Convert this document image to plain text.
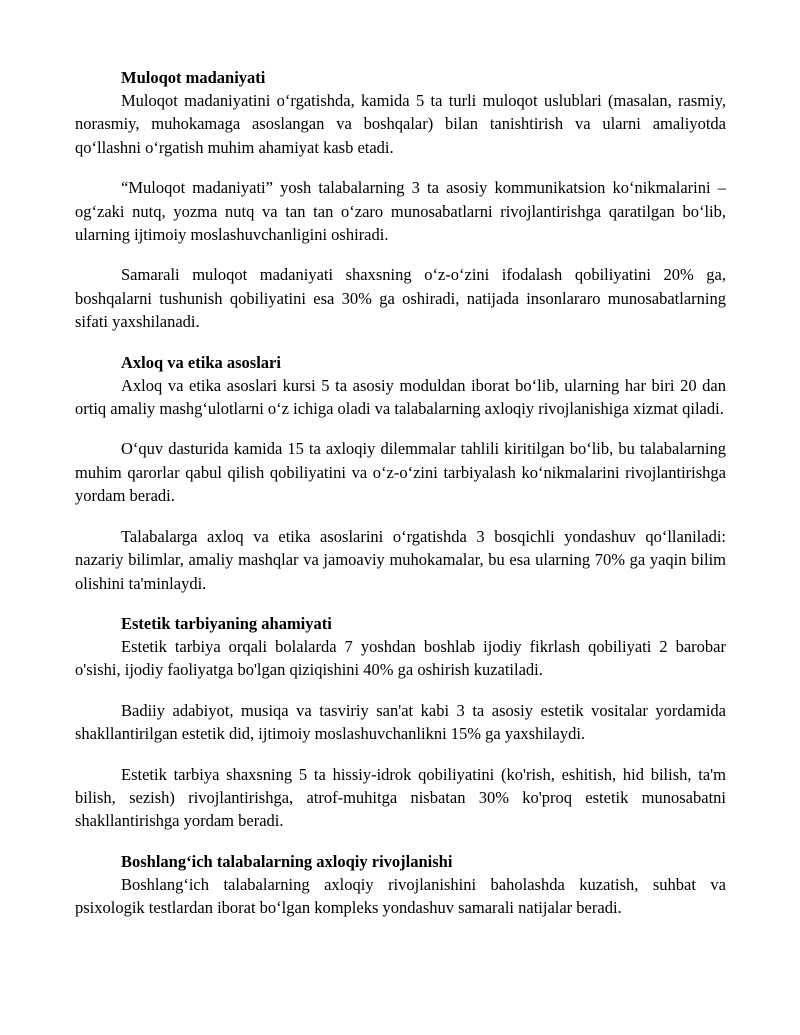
Muloqot madaniyati

Muloqot madaniyatini o‘rgatishda, kamida 5 ta turli muloqot uslublari (masalan, rasmiy, norasmiy, muhokamaga asoslangan va boshqalar) bilan tanishtirish va ularni amaliyotda qo‘llashni o‘rgatish muhim ahamiyat kasb etadi.

“Muloqot madaniyati” yosh talabalarning 3 ta asosiy kommunikatsion ko‘nikmalarini – og‘zaki nutq, yozma nutq va tan tan o‘zaro munosabatlarni rivojlantirishga qaratilgan bo‘lib, ularning ijtimoiy moslashuvchanligini oshiradi.

Samarali muloqot madaniyati shaxsning o‘z-o‘zini ifodalash qobiliyatini 20% ga, boshqalarni tushunish qobiliyatini esa 30% ga oshiradi, natijada insonlararo munosabatlarning sifati yaxshilanadi.

Axloq va etika asoslari

Axloq va etika asoslari kursi 5 ta asosiy moduldan iborat bo‘lib, ularning har biri 20 dan ortiq amaliy mashg‘ulotlarni o‘z ichiga oladi va talabalarning axloqiy rivojlanishiga xizmat qiladi.

O‘quv dasturida kamida 15 ta axloqiy dilemmalar tahlili kiritilgan bo‘lib, bu talabalarning muhim qarorlar qabul qilish qobiliyatini va o‘z-o‘zini tarbiyalash ko‘nikmalarini rivojlantirishga yordam beradi.

Talabalarga axloq va etika asoslarini o‘rgatishda 3 bosqichli yondashuv qo‘llaniladi: nazariy bilimlar, amaliy mashqlar va jamoaviy muhokamalar, bu esa ularning 70% ga yaqin bilim olishini ta'minlaydi.

Estetik tarbiyaning ahamiyati

Estetik tarbiya orqali bolalarda 7 yoshdan boshlab ijodiy fikrlash qobiliyati 2 barobar o'sishi, ijodiy faoliyatga bo'lgan qiziqishini 40% ga oshirish kuzatiladi.

Badiiy adabiyot, musiqa va tasviriy san'at kabi 3 ta asosiy estetik vositalar yordamida shakllantirilgan estetik did, ijtimoiy moslashuvchanlikni 15% ga yaxshilaydi.

Estetik tarbiya shaxsning 5 ta hissiy-idrok qobiliyatini (ko'rish, eshitish, hid bilish, ta'm bilish, sezish) rivojlantirishga, atrof-muhitga nisbatan 30% ko'proq estetik munosabatni shakllantirishga yordam beradi.

Boshlang‘ich talabalarning axloqiy rivojlanishi

Boshlang‘ich talabalarning axloqiy rivojlanishini baholashda kuzatish, suhbat va psixologik testlardan iborat bo‘lgan kompleks yondashuv samarali natijalar beradi.
